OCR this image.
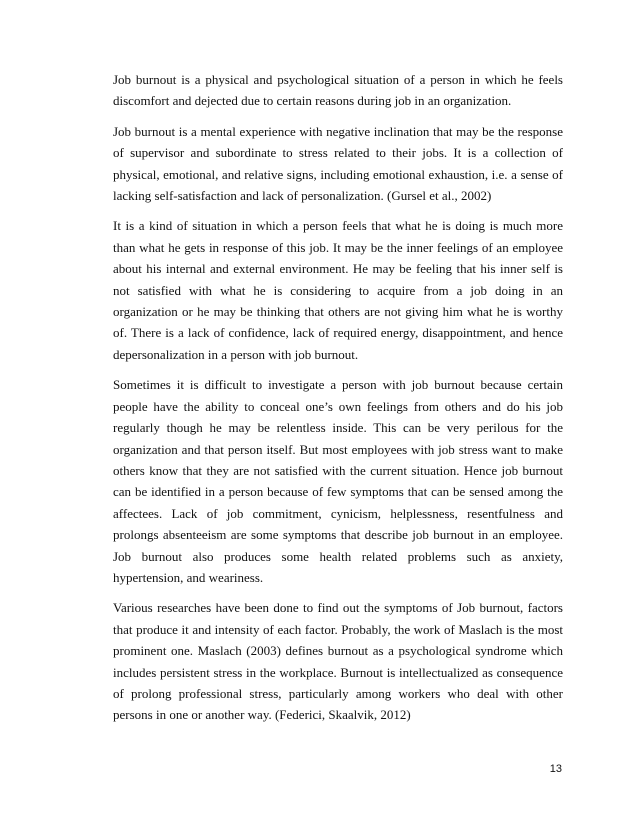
Job burnout is a physical and psychological situation of a person in which he feels discomfort and dejected due to certain reasons during job in an organization.

Job burnout is a mental experience with negative inclination that may be the response of supervisor and subordinate to stress related to their jobs. It is a collection of physical, emotional, and relative signs, including emotional exhaustion, i.e. a sense of lacking self-satisfaction and lack of personalization. (Gursel et al., 2002)

It is a kind of situation in which a person feels that what he is doing is much more than what he gets in response of this job. It may be the inner feelings of an employee about his internal and external environment. He may be feeling that his inner self is not satisfied with what he is considering to acquire from a job doing in an organization or he may be thinking that others are not giving him what he is worthy of. There is a lack of confidence, lack of required energy, disappointment, and hence depersonalization in a person with job burnout.

Sometimes it is difficult to investigate a person with job burnout because certain people have the ability to conceal one’s own feelings from others and do his job regularly though he may be relentless inside. This can be very perilous for the organization and that person itself. But most employees with job stress want to make others know that they are not satisfied with the current situation. Hence job burnout can be identified in a person because of few symptoms that can be sensed among the affectees. Lack of job commitment, cynicism, helplessness, resentfulness and prolongs absenteeism are some symptoms that describe job burnout in an employee. Job burnout also produces some health related problems such as anxiety, hypertension, and weariness.

Various researches have been done to find out the symptoms of Job burnout, factors that produce it and intensity of each factor. Probably, the work of Maslach is the most prominent one. Maslach (2003) defines burnout as a psychological syndrome which includes persistent stress in the workplace. Burnout is intellectualized as consequence of prolong professional stress, particularly among workers who deal with other persons in one or another way. (Federici, Skaalvik, 2012)

13
